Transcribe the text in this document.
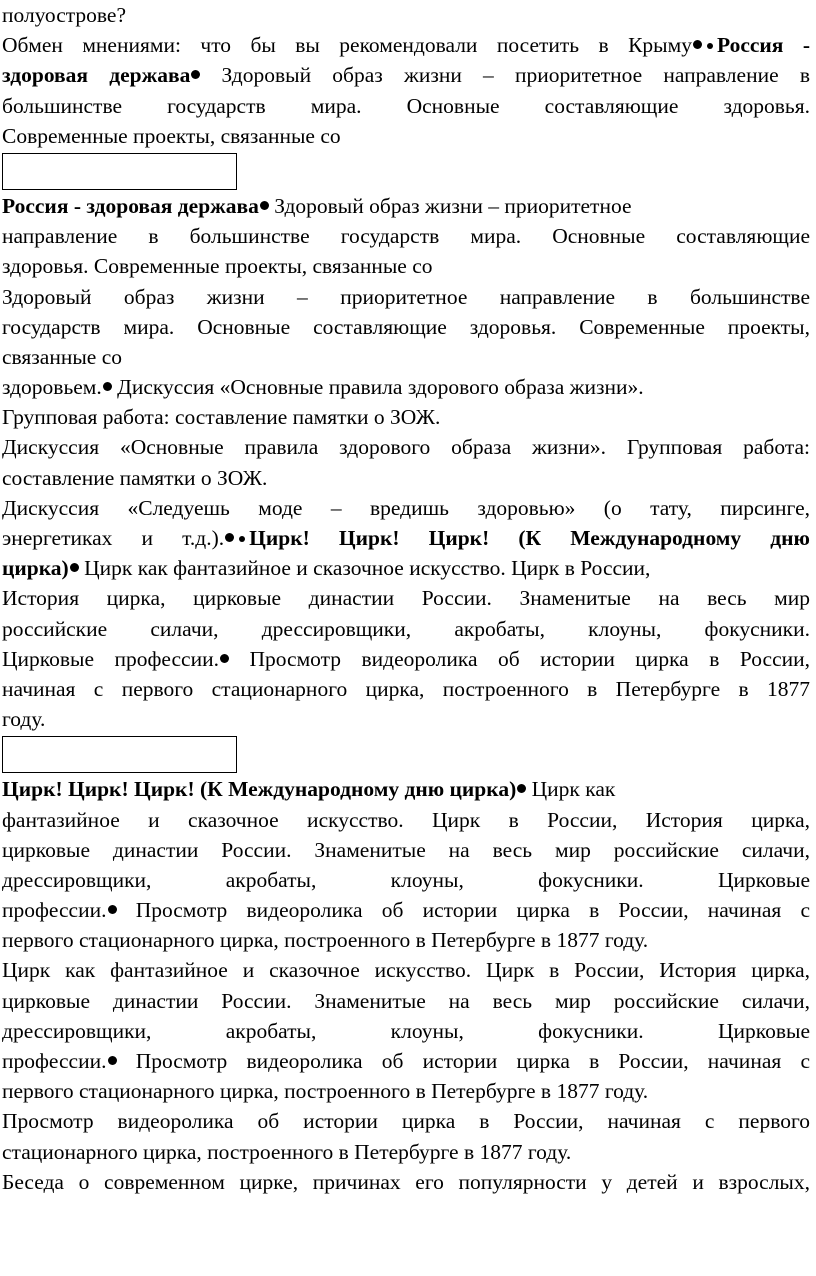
полуострове?
Обмен мнениями: что бы вы рекомендовали посетить в Крыму Россия -
здоровая держава Здоровый образ жизни – приоритетное направление в
большинстве государств мира. Основные составляющие здоровья.
Современные проекты, связанные со
Россия - здоровая держава Здоровый образ жизни – приоритетное
направление в большинстве государств мира. Основные составляющие
здоровья. Современные проекты, связанные со
Здоровый образ жизни – приоритетное направление в большинстве
государств мира. Основные составляющие здоровья. Современные проекты,
связанные со
здоровьем. Дискуссия «Основные правила здорового образа жизни».
Групповая работа: составление памятки о ЗОЖ.
Дискуссия «Основные правила здорового образа жизни». Групповая работа:
составление памятки о ЗОЖ.
Дискуссия «Следуешь моде – вредишь здоровью» (о тату, пирсинге,
энергетиках и т.д.). Цирк! Цирк! Цирк! (К Международному дню
цирка) Цирк как фантазийное и сказочное искусство. Цирк в России,
История цирка, цирковые династии России. Знаменитые на весь мир
российские силачи, дрессировщики, акробаты, клоуны, фокусники.
Цирковые профессии. Просмотр видеоролика об истории цирка в России,
начиная с первого стационарного цирка, построенного в Петербурге в 1877
году.
Цирк! Цирк! Цирк! (К Международному дню цирка) Цирк как
фантазийное и сказочное искусство. Цирк в России, История цирка,
цирковые династии России. Знаменитые на весь мир российские силачи,
дрессировщики, акробаты, клоуны, фокусники. Цирковые
профессии. Просмотр видеоролика об истории цирка в России, начиная с
первого стационарного цирка, построенного в Петербурге в 1877 году.
Цирк как фантазийное и сказочное искусство. Цирк в России, История цирка,
цирковые династии России. Знаменитые на весь мир российские силачи,
дрессировщики, акробаты, клоуны, фокусники. Цирковые
профессии. Просмотр видеоролика об истории цирка в России, начиная с
первого стационарного цирка, построенного в Петербурге в 1877 году.
Просмотр видеоролика об истории цирка в России, начиная с первого
стационарного цирка, построенного в Петербурге в 1877 году.
Беседа о современном цирке, причинах его популярности у детей и взрослых,
